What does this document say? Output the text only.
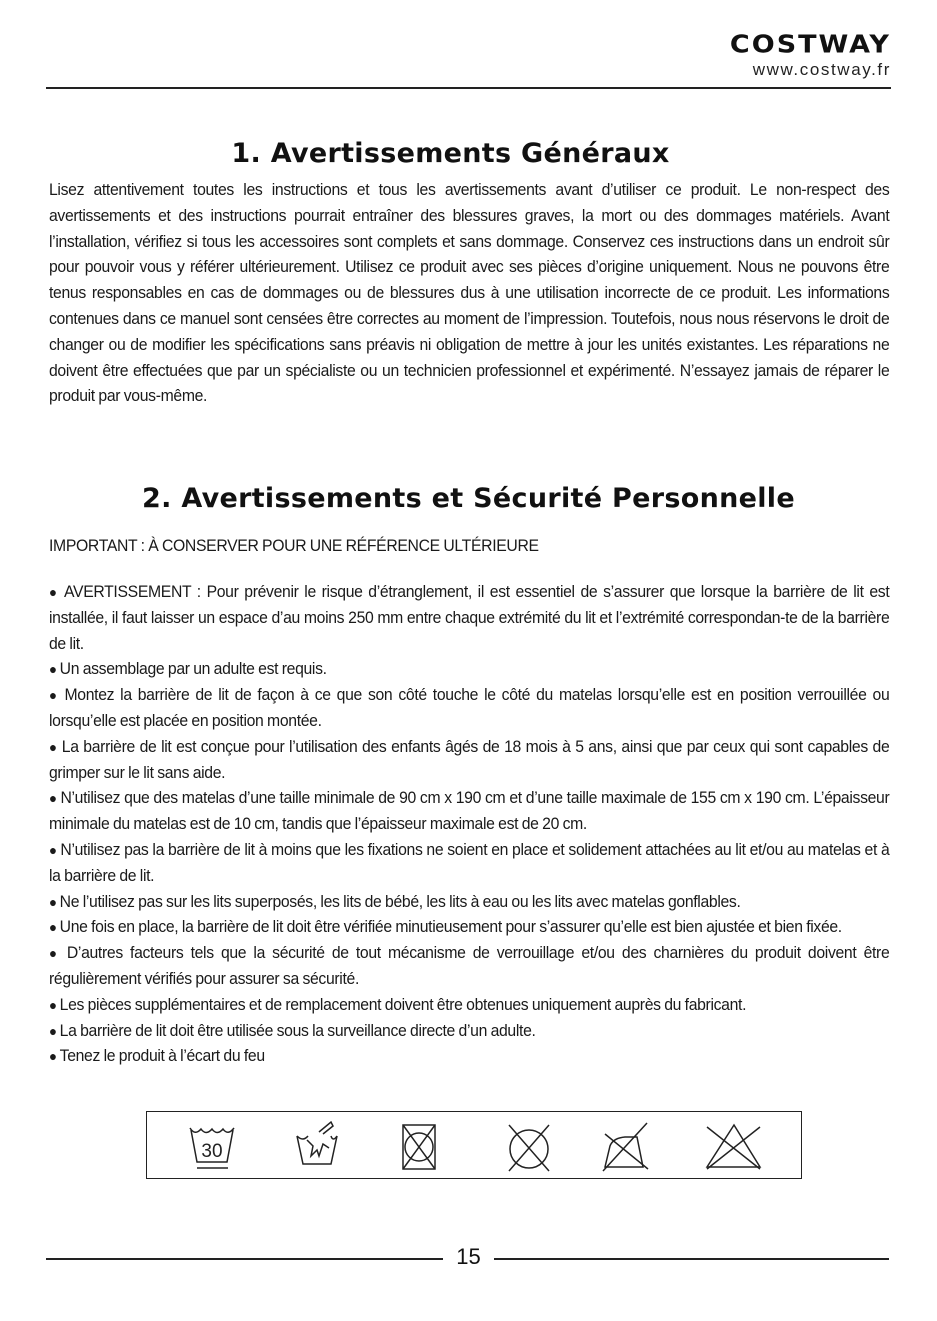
COSTWAY
www.costway.fr
1. Avertissements Généraux
Lisez attentivement toutes les instructions et tous les avertissements avant d’utiliser ce produit. Le non-respect des avertissements et des instructions pourrait entraîner des blessures graves, la mort ou des dommages matériels. Avant l’installation, vérifiez si tous les accessoires sont complets et sans dommage. Conservez ces instructions dans un endroit sûr pour pouvoir vous y référer ultérieurement. Utilisez ce produit avec ses pièces d’origine uniquement. Nous ne pouvons être tenus responsables en cas de dommages ou de blessures dus à une utilisation incorrecte de ce produit. Les informations contenues dans ce manuel sont censées être correctes au moment de l’impression. Toutefois, nous nous réservons le droit de changer ou de modifier les spécifications sans préavis ni obligation de mettre à jour les unités existantes. Les réparations ne doivent être effectuées que par un spécialiste ou un technicien professionnel et expérimenté. N’essayez jamais de réparer le produit par vous-même.
2. Avertissements et Sécurité Personnelle
IMPORTANT : À CONSERVER POUR UNE RÉFÉRENCE ULTÉRIEURE
● AVERTISSEMENT : Pour prévenir le risque d’étranglement, il est essentiel de s’assurer que lorsque la barrière de lit est installée, il faut laisser un espace d’au moins 250 mm entre chaque extrémité du lit et l’extrémité correspondan-te de la barrière de lit.
● Un assemblage par un adulte est requis.
● Montez la barrière de lit de façon à ce que son côté touche le côté du matelas lorsqu’elle est en position verrouillée ou lorsqu’elle est placée en position montée.
● La barrière de lit est conçue pour l’utilisation des enfants âgés de 18 mois à 5 ans, ainsi que par ceux qui sont capables de grimper sur le lit sans aide.
● N’utilisez que des matelas d’une taille minimale de 90 cm x 190 cm et d’une taille maximale de 155 cm x 190 cm. L’épaisseur minimale du matelas est de 10 cm, tandis que l’épaisseur maximale est de 20 cm.
● N’utilisez pas la barrière de lit à moins que les fixations ne soient en place et solidement attachées au lit et/ou au matelas et à la barrière de lit.
● Ne l’utilisez pas sur les lits superposés, les lits de bébé, les lits à eau ou les lits avec matelas gonflables.
● Une fois en place, la barrière de lit doit être vérifiée minutieusement pour s’assurer qu’elle est bien ajustée et bien fixée.
● D’autres facteurs tels que la sécurité de tout mécanisme de verrouillage et/ou des charnières du produit doivent être régulièrement vérifiés pour assurer sa sécurité.
● Les pièces supplémentaires et de remplacement doivent être obtenues uniquement auprès du fabricant.
● La barrière de lit doit être utilisée sous la surveillance directe d’un adulte.
● Tenez le produit à l’écart du feu
30
15
